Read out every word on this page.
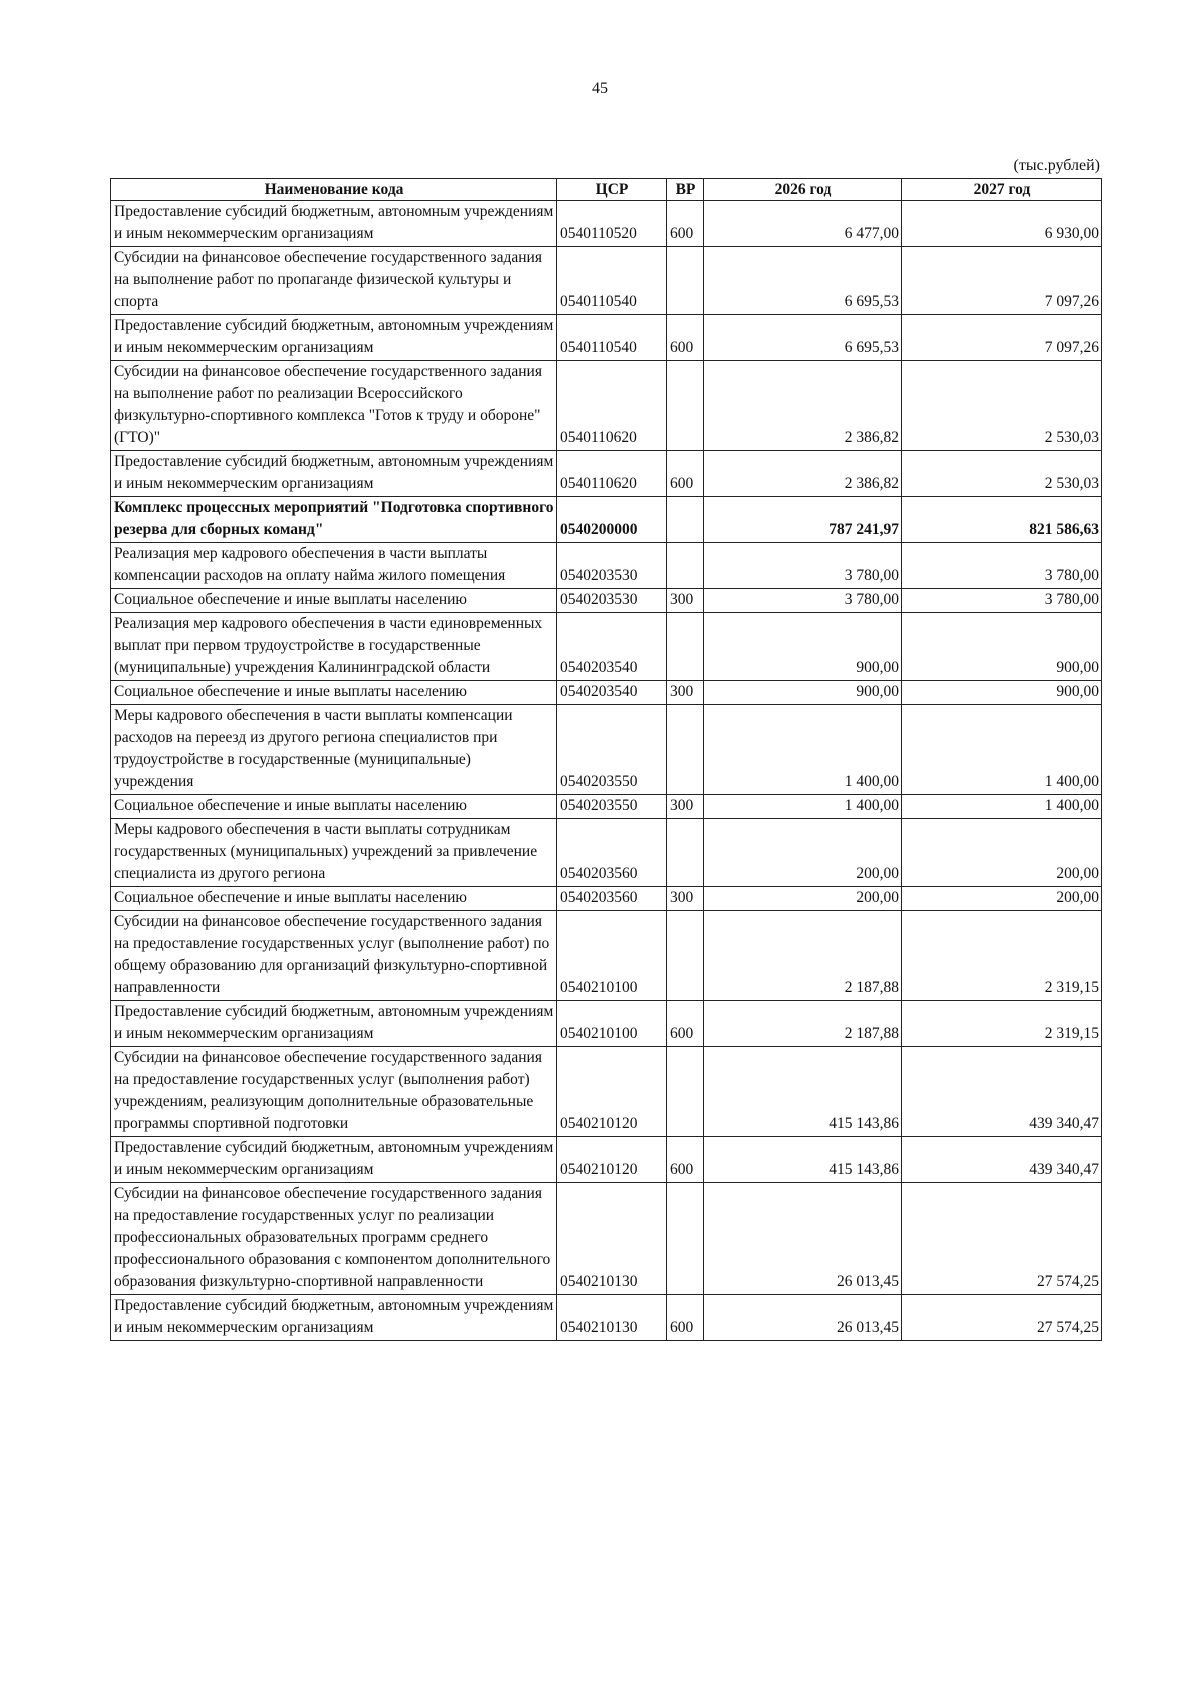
45
(тыс.рублей)
Наименование кода	ЦСР	ВР	2026 год	2027 год
Предоставление субсидий бюджетным, автономным учреждениям и иным некоммерческим организациям	0540110520	600	6 477,00	6 930,00
Субсидии на финансовое обеспечение государственного задания на выполнение работ по пропаганде физической культуры и спорта	0540110540		6 695,53	7 097,26
Предоставление субсидий бюджетным, автономным учреждениям и иным некоммерческим организациям	0540110540	600	6 695,53	7 097,26
Субсидии на финансовое обеспечение государственного задания на выполнение работ по реализации Всероссийского физкультурно-спортивного комплекса "Готов к труду и обороне" (ГТО)"	0540110620		2 386,82	2 530,03
Предоставление субсидий бюджетным, автономным учреждениям и иным некоммерческим организациям	0540110620	600	2 386,82	2 530,03
Комплекс процессных мероприятий "Подготовка спортивного резерва для сборных команд"	0540200000		787 241,97	821 586,63
Реализация мер кадрового обеспечения в части выплаты компенсации расходов на оплату найма жилого помещения	0540203530		3 780,00	3 780,00
Социальное обеспечение и иные выплаты населению	0540203530	300	3 780,00	3 780,00
Реализация мер кадрового обеспечения в части единовременных выплат при первом трудоустройстве в государственные (муниципальные) учреждения Калининградской области	0540203540		900,00	900,00
Социальное обеспечение и иные выплаты населению	0540203540	300	900,00	900,00
Меры кадрового обеспечения в части выплаты компенсации расходов на переезд из другого региона специалистов при трудоустройстве в государственные (муниципальные) учреждения	0540203550		1 400,00	1 400,00
Социальное обеспечение и иные выплаты населению	0540203550	300	1 400,00	1 400,00
Меры кадрового обеспечения в части выплаты сотрудникам государственных (муниципальных) учреждений за привлечение специалиста из другого региона	0540203560		200,00	200,00
Социальное обеспечение и иные выплаты населению	0540203560	300	200,00	200,00
Субсидии на финансовое обеспечение государственного задания на предоставление государственных услуг (выполнение работ) по общему образованию для организаций физкультурно-спортивной направленности	0540210100		2 187,88	2 319,15
Предоставление субсидий бюджетным, автономным учреждениям и иным некоммерческим организациям	0540210100	600	2 187,88	2 319,15
Субсидии на финансовое обеспечение государственного задания на предоставление государственных услуг (выполнения работ) учреждениям, реализующим дополнительные образовательные программы спортивной подготовки	0540210120		415 143,86	439 340,47
Предоставление субсидий бюджетным, автономным учреждениям и иным некоммерческим организациям	0540210120	600	415 143,86	439 340,47
Субсидии на финансовое обеспечение государственного задания на предоставление государственных услуг по реализации профессиональных образовательных программ среднего профессионального образования с компонентом дополнительного образования физкультурно-спортивной направленности	0540210130		26 013,45	27 574,25
Предоставление субсидий бюджетным, автономным учреждениям и иным некоммерческим организациям	0540210130	600	26 013,45	27 574,25
